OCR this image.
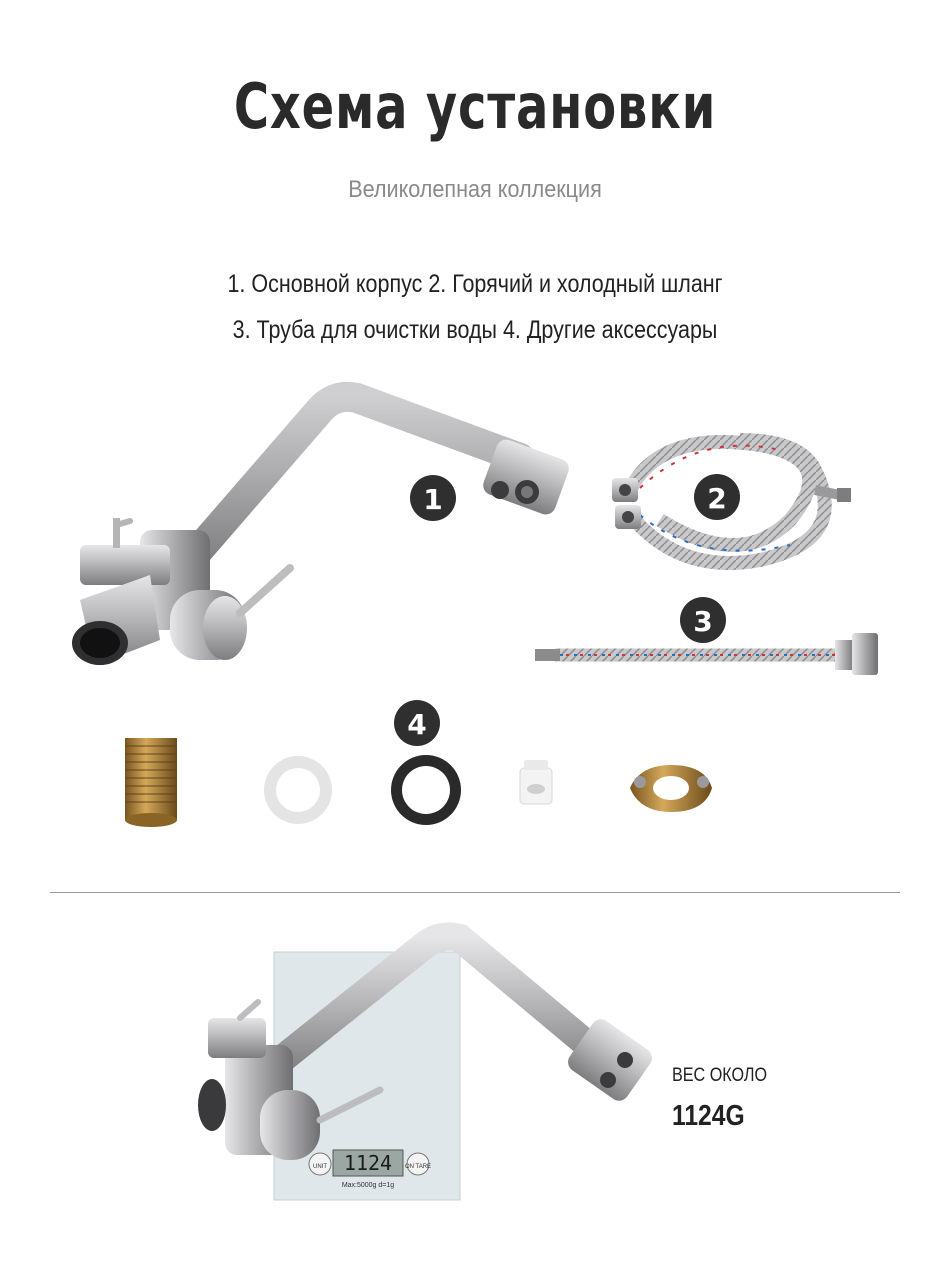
Схема установки
Великолепная коллекция
1. Основной корпус 2. Горячий и холодный шланг
3. Труба для очистки воды 4. Другие аксессуары
1	2
3
4
1124
UNIT	ON TARE
Max:5000g d=1g
ВЕС ОКОЛО
1124G
